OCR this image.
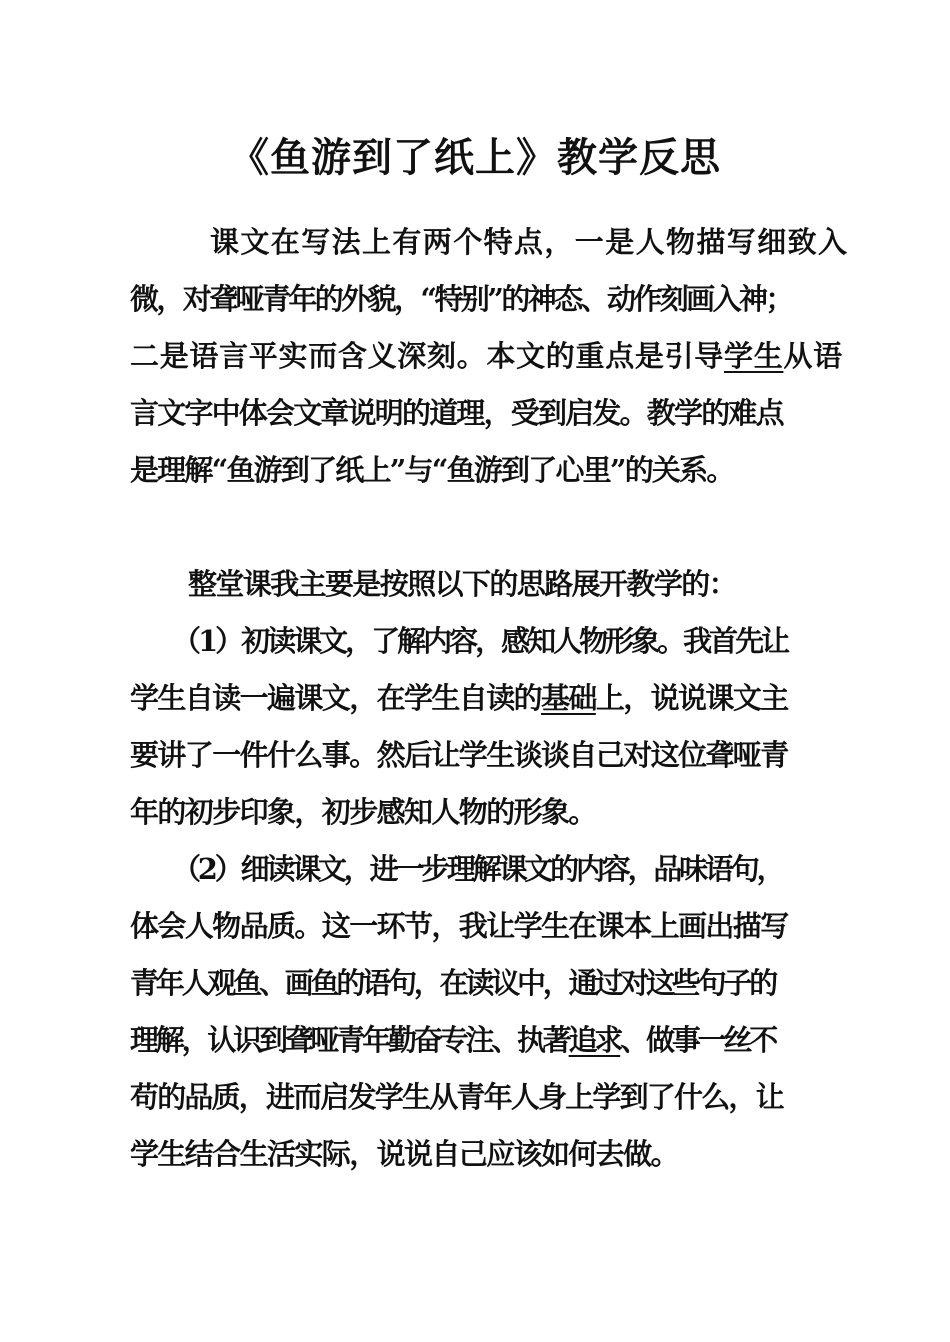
《鱼游到了纸上》教学反思
课文在写法上有两个特点，一是人物描写细致入
微，对聋哑青年的外貌，“特别”的神态、动作刻画入神；
二是语言平实而含义深刻。本文的重点是引导学生从语
言文字中体会文章说明的道理，受到启发。教学的难点
是理解“鱼游到了纸上”与“鱼游到了心里”的关系。
整堂课我主要是按照以下的思路展开教学的：
（1）初读课文，了解内容，感知人物形象。我首先让
学生自读一遍课文，在学生自读的基础上，说说课文主
要讲了一件什么事。然后让学生谈谈自己对这位聋哑青
年的初步印象，初步感知人物的形象。
（2）细读课文，进一步理解课文的内容，品味语句，
体会人物品质。这一环节，我让学生在课本上画出描写
青年人观鱼、画鱼的语句，在读议中，通过对这些句子的
理解，认识到聋哑青年勤奋专注、执著追求、做事一丝不
苟的品质，进而启发学生从青年人身上学到了什么，让
学生结合生活实际，说说自己应该如何去做。
